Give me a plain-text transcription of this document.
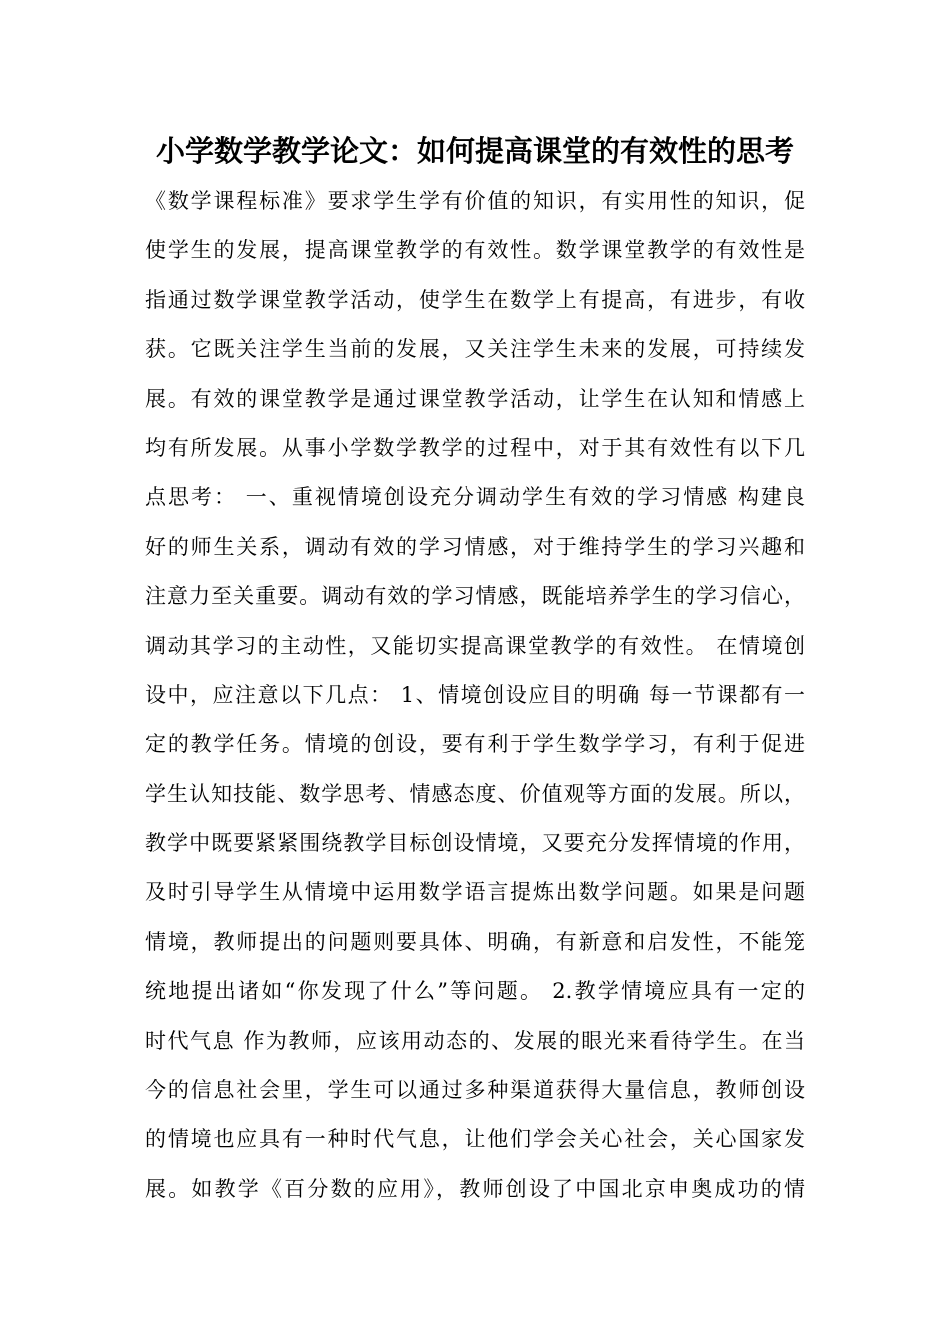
小学数学教学论文：如何提高课堂的有效性的思考
《数学课程标准》要求学生学有价值的知识，有实用性的知识，促
使学生的发展，提高课堂教学的有效性。数学课堂教学的有效性是
指通过数学课堂教学活动，使学生在数学上有提高，有进步，有收
获。它既关注学生当前的发展，又关注学生未来的发展，可持续发
展。有效的课堂教学是通过课堂教学活动，让学生在认知和情感上
均有所发展。从事小学数学教学的过程中，对于其有效性有以下几
点思考： 一、重视情境创设充分调动学生有效的学习情感 构建良
好的师生关系，调动有效的学习情感，对于维持学生的学习兴趣和
注意力至关重要。调动有效的学习情感，既能培养学生的学习信心，
调动其学习的主动性，又能切实提高课堂教学的有效性。 在情境创
设中，应注意以下几点： 1、情境创设应目的明确 每一节课都有一
定的教学任务。情境的创设，要有利于学生数学学习，有利于促进
学生认知技能、数学思考、情感态度、价值观等方面的发展。所以，
教学中既要紧紧围绕教学目标创设情境，又要充分发挥情境的作用，
及时引导学生从情境中运用数学语言提炼出数学问题。如果是问题
情境，教师提出的问题则要具体、明确，有新意和启发性，不能笼
统地提出诸如“你发现了什么”等问题。 2.教学情境应具有一定的
时代气息 作为教师，应该用动态的、发展的眼光来看待学生。在当
今的信息社会里，学生可以通过多种渠道获得大量信息，教师创设
的情境也应具有一种时代气息，让他们学会关心社会，关心国家发
展。如教学《百分数的应用》，教师创设了中国北京申奥成功的情
